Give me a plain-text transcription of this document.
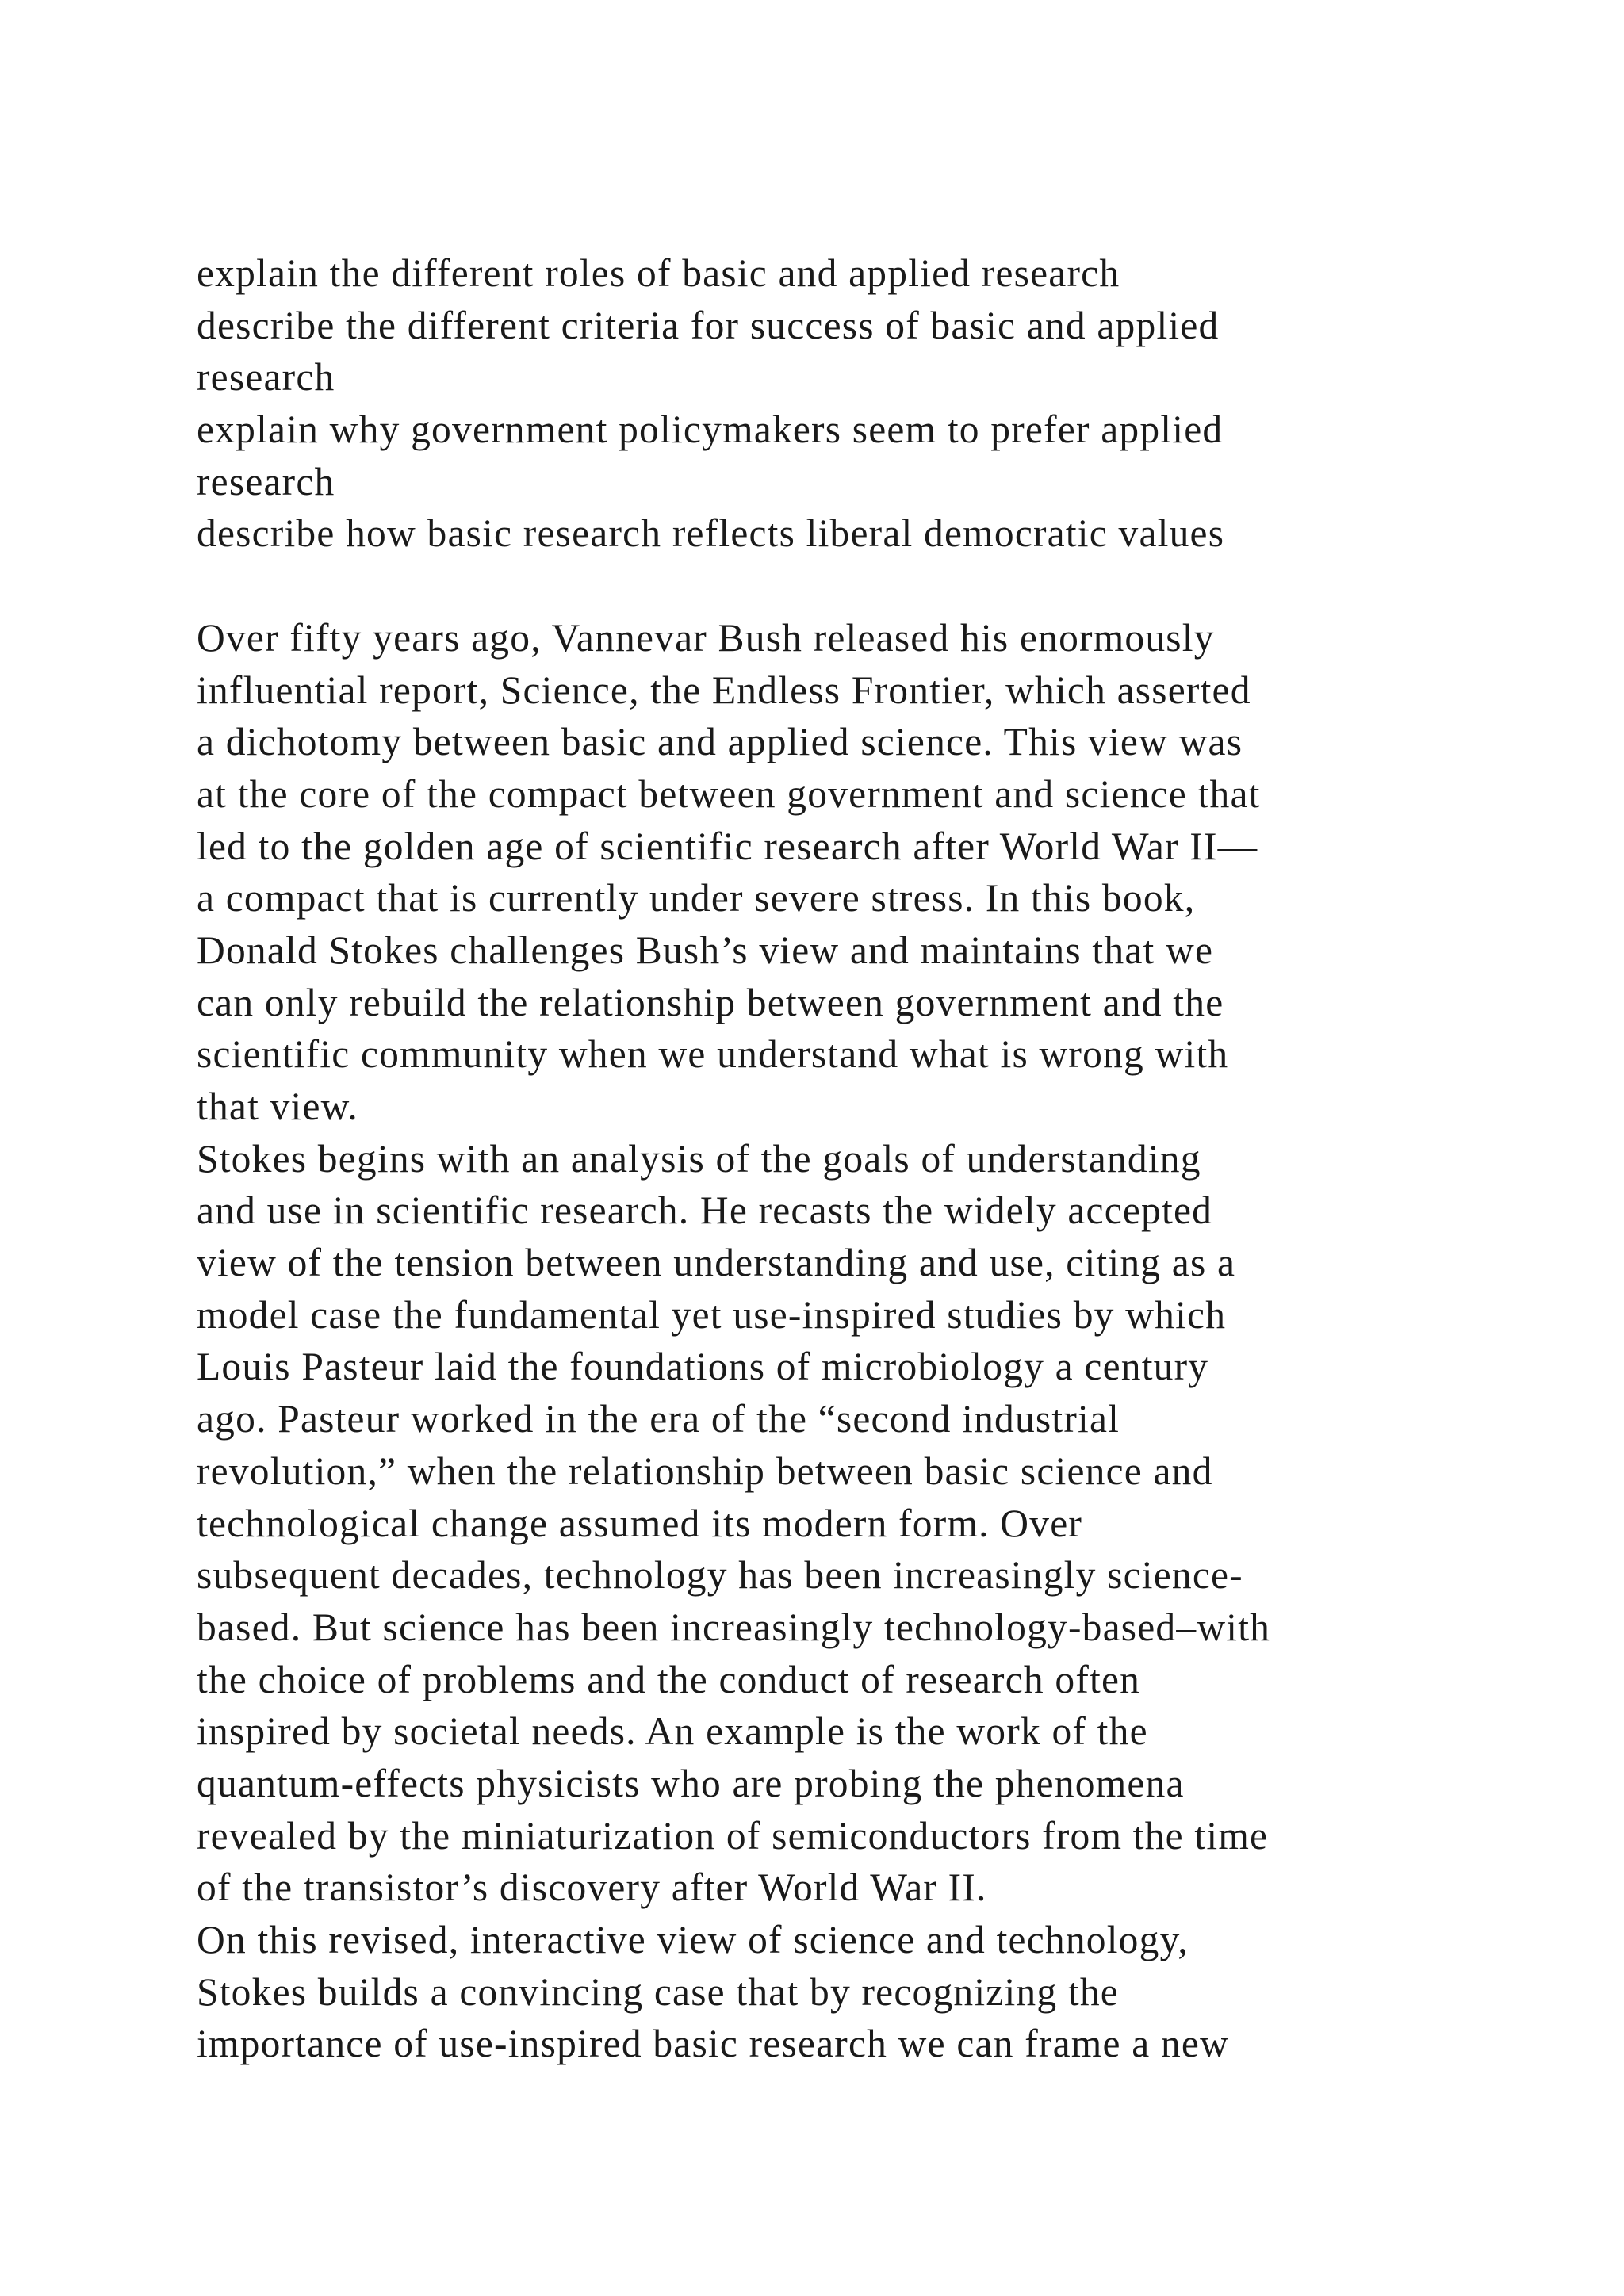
explain the different roles of basic and applied research
describe the different criteria for success of basic and applied
research
explain why government policymakers seem to prefer applied
research
describe how basic research reflects liberal democratic values
Over fifty years ago, Vannevar Bush released his enormously
influential report, Science, the Endless Frontier, which asserted
a dichotomy between basic and applied science. This view was
at the core of the compact between government and science that
led to the golden age of scientific research after World War II—
a compact that is currently under severe stress. In this book,
Donald Stokes challenges Bush’s view and maintains that we
can only rebuild the relationship between government and the
scientific community when we understand what is wrong with
that view.
Stokes begins with an analysis of the goals of understanding
and use in scientific research. He recasts the widely accepted
view of the tension between understanding and use, citing as a
model case the fundamental yet use-inspired studies by which
Louis Pasteur laid the foundations of microbiology a century
ago. Pasteur worked in the era of the “second industrial
revolution,” when the relationship between basic science and
technological change assumed its modern form. Over
subsequent decades, technology has been increasingly science-
based. But science has been increasingly technology-based–with
the choice of problems and the conduct of research often
inspired by societal needs. An example is the work of the
quantum-effects physicists who are probing the phenomena
revealed by the miniaturization of semiconductors from the time
of the transistor’s discovery after World War II.
On this revised, interactive view of science and technology,
Stokes builds a convincing case that by recognizing the
importance of use-inspired basic research we can frame a new
